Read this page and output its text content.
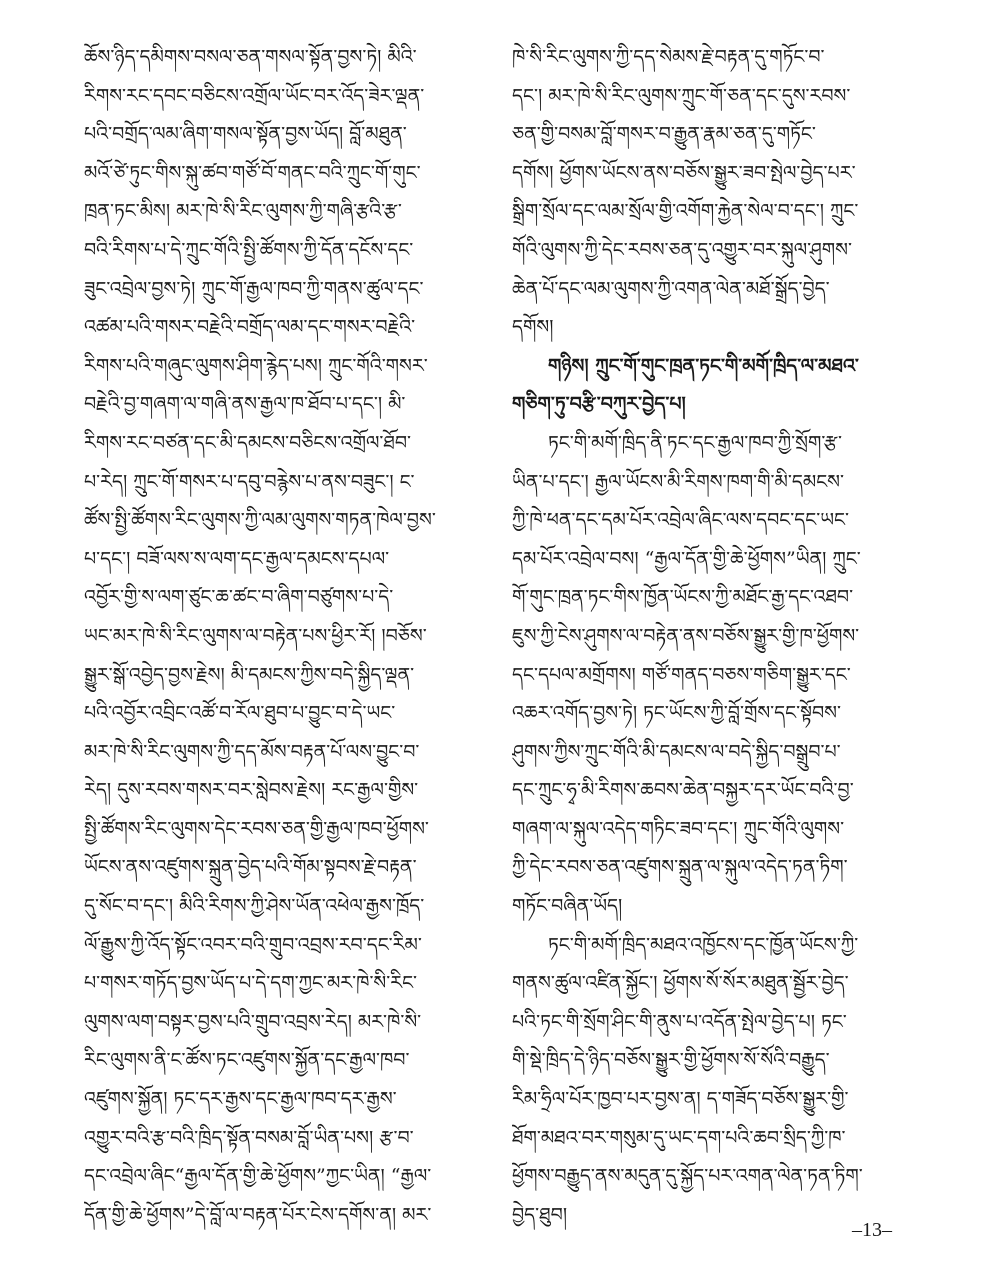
ཆོས་ཉིད་དམིགས་བསལ་ཅན་གསལ་སྟོན་བྱས་ཏེ། མིའི་
རིགས་རང་དབང་བཅིངས་འགྲོལ་ཡོང་བར་འོད་ཟེར་ལྡན་
པའི་བགྲོད་ལམ་ཞིག་གསལ་སྟོན་བྱས་ཡོད། བློ་མཐུན་
མའོ་ཙེ་ཏུང་གིས་སྐུ་ཚབ་གཙོ་བོ་གནང་བའི་ཀྲུང་གོ་གུང་
ཁྲན་ཏང་མིས། མར་ཁེ་སི་རིང་ལུགས་ཀྱི་གཞི་རྩའི་རྩ་
བའི་རིགས་པ་དེ་ཀྲུང་གོའི་སྤྱི་ཚོགས་ཀྱི་དོན་དངོས་དང་
ཟུང་འབྲེལ་བྱས་ཏེ། ཀྲུང་གོ་རྒྱལ་ཁབ་ཀྱི་གནས་ཚུལ་དང་
འཚམ་པའི་གསར་བརྗེའི་བགྲོད་ལམ་དང་གསར་བརྗེའི་
རིགས་པའི་གཞུང་ལུགས་ཤིག་རྙེད་པས། ཀྲུང་གོའི་གསར་
བརྗེའི་བྱ་གཞག་ལ་གཞི་ནས་རྒྱལ་ཁ་ཐོབ་པ་དང་། མི་
རིགས་རང་བཙན་དང་མི་དམངས་བཅིངས་འགྲོལ་ཐོབ་
པ་རེད། ཀྲུང་གོ་གསར་པ་དབུ་བརྙེས་པ་ནས་བཟུང་། ང་
ཚོས་སྤྱི་ཚོགས་རིང་ལུགས་ཀྱི་ལམ་ལུགས་གཏན་ཁེལ་བྱས་
པ་དང་། བཟོ་ལས་ས་ལག་དང་རྒྱལ་དམངས་དཔལ་
འབྱོར་གྱི་ས་ལག་ཙུང་ཆ་ཚང་བ་ཞིག་བཙུགས་པ་དེ་
ཡང་མར་ཁེ་སི་རིང་ལུགས་ལ་བརྟེན་པས་ཕྱིར་རོ། །བཅོས་
སྒྱུར་སྒོ་འབྱེད་བྱས་རྗེས། མི་དམངས་ཀྱིས་བདེ་སྐྱིད་ལྡན་
པའི་འབྱོར་འབྲིང་འཚོ་བ་རོལ་ཐུབ་པ་བྱུང་བ་དེ་ཡང་
མར་ཁེ་སི་རིང་ལུགས་ཀྱི་དད་མོས་བརྟན་པོ་ལས་བྱུང་བ་
རེད། དུས་རབས་གསར་བར་སླེབས་རྗེས། རང་རྒྱལ་གྱིས་
སྤྱི་ཚོགས་རིང་ལུགས་དེང་རབས་ཅན་གྱི་རྒྱལ་ཁབ་ཕྱོགས་
ཡོངས་ནས་འཛུགས་སྐྲུན་བྱེད་པའི་གོམ་སྟབས་རྗེ་བརྟན་
དུ་སོང་བ་དང་། མིའི་རིགས་ཀྱི་ཤེས་ཡོན་འཕེལ་རྒྱས་ཁྲོད་
ལོ་རྒྱུས་ཀྱི་འོད་སྟོང་འབར་བའི་གྲུབ་འབྲས་རབ་དང་རིམ་
པ་གསར་གཏོད་བྱས་ཡོད་པ་དེ་དག་ཀྱང་མར་ཁེ་སི་རིང་
ལུགས་ལག་བསྟར་བྱས་པའི་གྲུབ་འབྲས་རེད། མར་ཁེ་སི་
རིང་ལུགས་ནི་ང་ཚོས་ཏང་འཛུགས་སྐྱོན་དང་རྒྱལ་ཁབ་
འཛུགས་སྐྱོན། ཏང་དར་རྒྱས་དང་རྒྱལ་ཁབ་དར་རྒྱས་
འགྱུར་བའི་རྩ་བའི་ཁྲིད་སྟོན་བསམ་བློ་ཡིན་པས། རྩ་བ་
དང་འབྲེལ་ཞིང“རྒྱལ་དོན་གྱི་ཆེ་ཕྱོགས”ཀྱང་ཡིན། “རྒྱལ་
དོན་གྱི་ཆེ་ཕྱོགས”དེ་བློ་ལ་བརྟན་པོར་ངེས་དགོས་ན། མར་
ཁེ་སི་རིང་ལུགས་ཀྱི་དད་སེམས་རྗེ་བརྟན་དུ་གཏོང་བ་
དང་། མར་ཁེ་སི་རིང་ལུགས་ཀྲུང་གོ་ཅན་དང་དུས་རབས་
ཅན་གྱི་བསམ་བློ་གསར་བ་རྒྱུན་རྣམ་ཅན་དུ་གཏོང་
དགོས། ཕྱོགས་ཡོངས་ནས་བཅོས་སྒྱུར་ཟབ་སྤེལ་བྱེད་པར་
སྒྲིག་སྲོལ་དང་ལམ་སྲོལ་གྱི་འགོག་རྐྱེན་སེལ་བ་དང་། ཀྲུང་
གོའི་ལུགས་ཀྱི་དེང་རབས་ཅན་དུ་འགྱུར་བར་སྐུལ་ཤུགས་
ཆེན་པོ་དང་ལམ་ལུགས་ཀྱི་འགན་ལེན་མཐོ་སྒྲོད་བྱེད་
དགོས།
གཉིས། ཀྲུང་གོ་གུང་ཁྲན་ཏང་གི་མགོ་ཁྲིད་ལ་མཐའ་
གཅིག་ཏུ་བརྩི་བཀུར་བྱེད་པ།
ཏང་གི་མགོ་ཁྲིད་ནི་ཏང་དང་རྒྱལ་ཁབ་ཀྱི་སྲོག་རྩ་
ཡིན་པ་དང་། རྒྱལ་ཡོངས་མི་རིགས་ཁག་གི་མི་དམངས་
ཀྱི་ཁེ་ཕན་དང་དམ་པོར་འབྲེལ་ཞིང་ལས་དབང་དང་ཡང་
དམ་པོར་འབྲེལ་བས། “རྒྱལ་དོན་གྱི་ཆེ་ཕྱོགས”ཡིན། ཀྲུང་
གོ་གུང་ཁྲན་ཏང་གིས་ཁྱོན་ཡོངས་ཀྱི་མཐོང་རྒྱ་དང་འཐབ་
ཇུས་ཀྱི་ངེས་ཤུགས་ལ་བརྟེན་ནས་བཅོས་སྒྱུར་གྱི་ཁ་ཕྱོགས་
དང་དཔལ་མགྲོགས། གཙོ་གནད་བཅས་གཅིག་སྒྱུར་དང་
འཆར་འགོད་བྱས་ཏེ། ཏང་ཡོངས་ཀྱི་བློ་གྲོས་དང་སྟོབས་
ཤུགས་ཀྱིས་ཀྲུང་གོའི་མི་དམངས་ལ་བདེ་སྐྱིད་བསྒྲུབ་པ་
དང་ཀྲུང་ཧྭ་མི་རིགས་ཆབས་ཆེན་བསྐྱར་དར་ཡོང་བའི་བྱ་
གཞག་ལ་སྐུལ་འདེད་གཏིང་ཟབ་དང་། ཀྲུང་གོའི་ལུགས་
ཀྱི་དེང་རབས་ཅན་འཛུགས་སྐྲུན་ལ་སྐུལ་འདེད་ཏན་ཏིག་
གཏོང་བཞིན་ཡོད།
ཏང་གི་མགོ་ཁྲིད་མཐའ་འཁྱོངས་དང་ཁྱོན་ཡོངས་ཀྱི་
གནས་ཚུལ་འཛིན་སྐྱོང་། ཕྱོགས་སོ་སོར་མཐུན་སྦྱོར་བྱེད་
པའི་ཏང་གི་སྲོག་ཤིང་གི་ནུས་པ་འདོན་སྤེལ་བྱེད་པ། ཏང་
གི་སྡེ་ཁྲིད་དེ་ཉིད་བཅོས་སྒྱུར་གྱི་ཕྱོགས་སོ་སོའི་བརྒྱུད་
རིམ་ཧྲིལ་པོར་ཁྱབ་པར་བྱས་ན། ད་གཟོད་བཅོས་སྒྱུར་གྱི་
ཐོག་མཐའ་བར་གསུམ་དུ་ཡང་དག་པའི་ཆབ་སྲིད་ཀྱི་ཁ་
ཕྱོགས་བརྒྱུད་ནས་མདུན་དུ་སྐྱོད་པར་འགན་ལེན་ཏན་ཏིག་
བྱེད་ཐུབ།
–13–
